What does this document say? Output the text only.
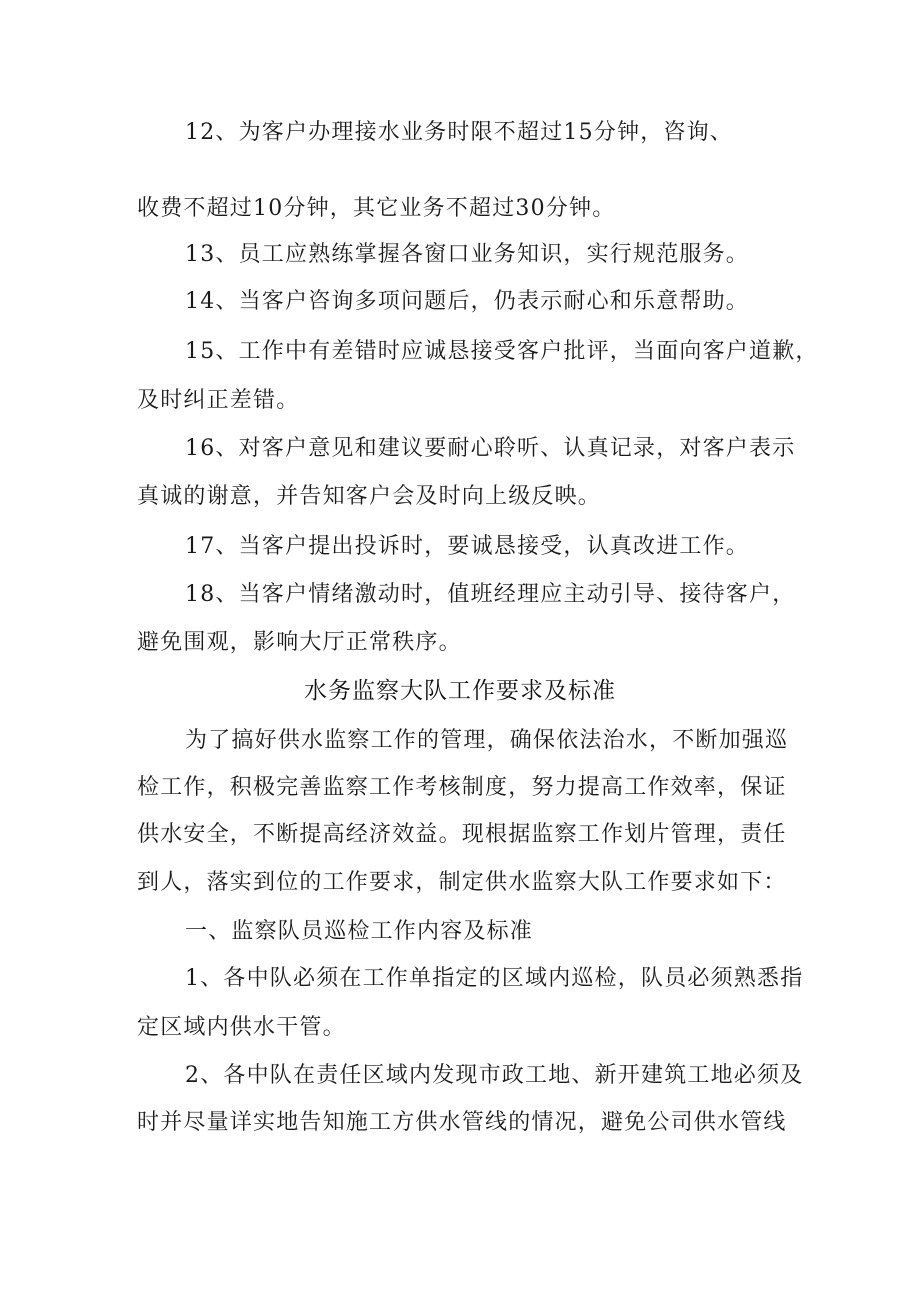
12、为客户办理接水业务时限不超过15分钟，咨询、
收费不超过10分钟，其它业务不超过30分钟。
13、员工应熟练掌握各窗口业务知识，实行规范服务。
14、当客户咨询多项问题后，仍表示耐心和乐意帮助。
15、工作中有差错时应诚恳接受客户批评，当面向客户道歉，
及时纠正差错。
16、对客户意见和建议要耐心聆听、认真记录，对客户表示
真诚的谢意，并告知客户会及时向上级反映。
17、当客户提出投诉时，要诚恳接受，认真改进工作。
18、当客户情绪激动时，值班经理应主动引导、接待客户，
避免围观，影响大厅正常秩序。
水务监察大队工作要求及标准
为了搞好供水监察工作的管理，确保依法治水，不断加强巡
检工作，积极完善监察工作考核制度，努力提高工作效率，保证
供水安全，不断提高经济效益。现根据监察工作划片管理，责任
到人，落实到位的工作要求，制定供水监察大队工作要求如下：
一、监察队员巡检工作内容及标准
1、各中队必须在工作单指定的区域内巡检，队员必须熟悉指
定区域内供水干管。
2、各中队在责任区域内发现市政工地、新开建筑工地必须及
时并尽量详实地告知施工方供水管线的情况，避免公司供水管线
